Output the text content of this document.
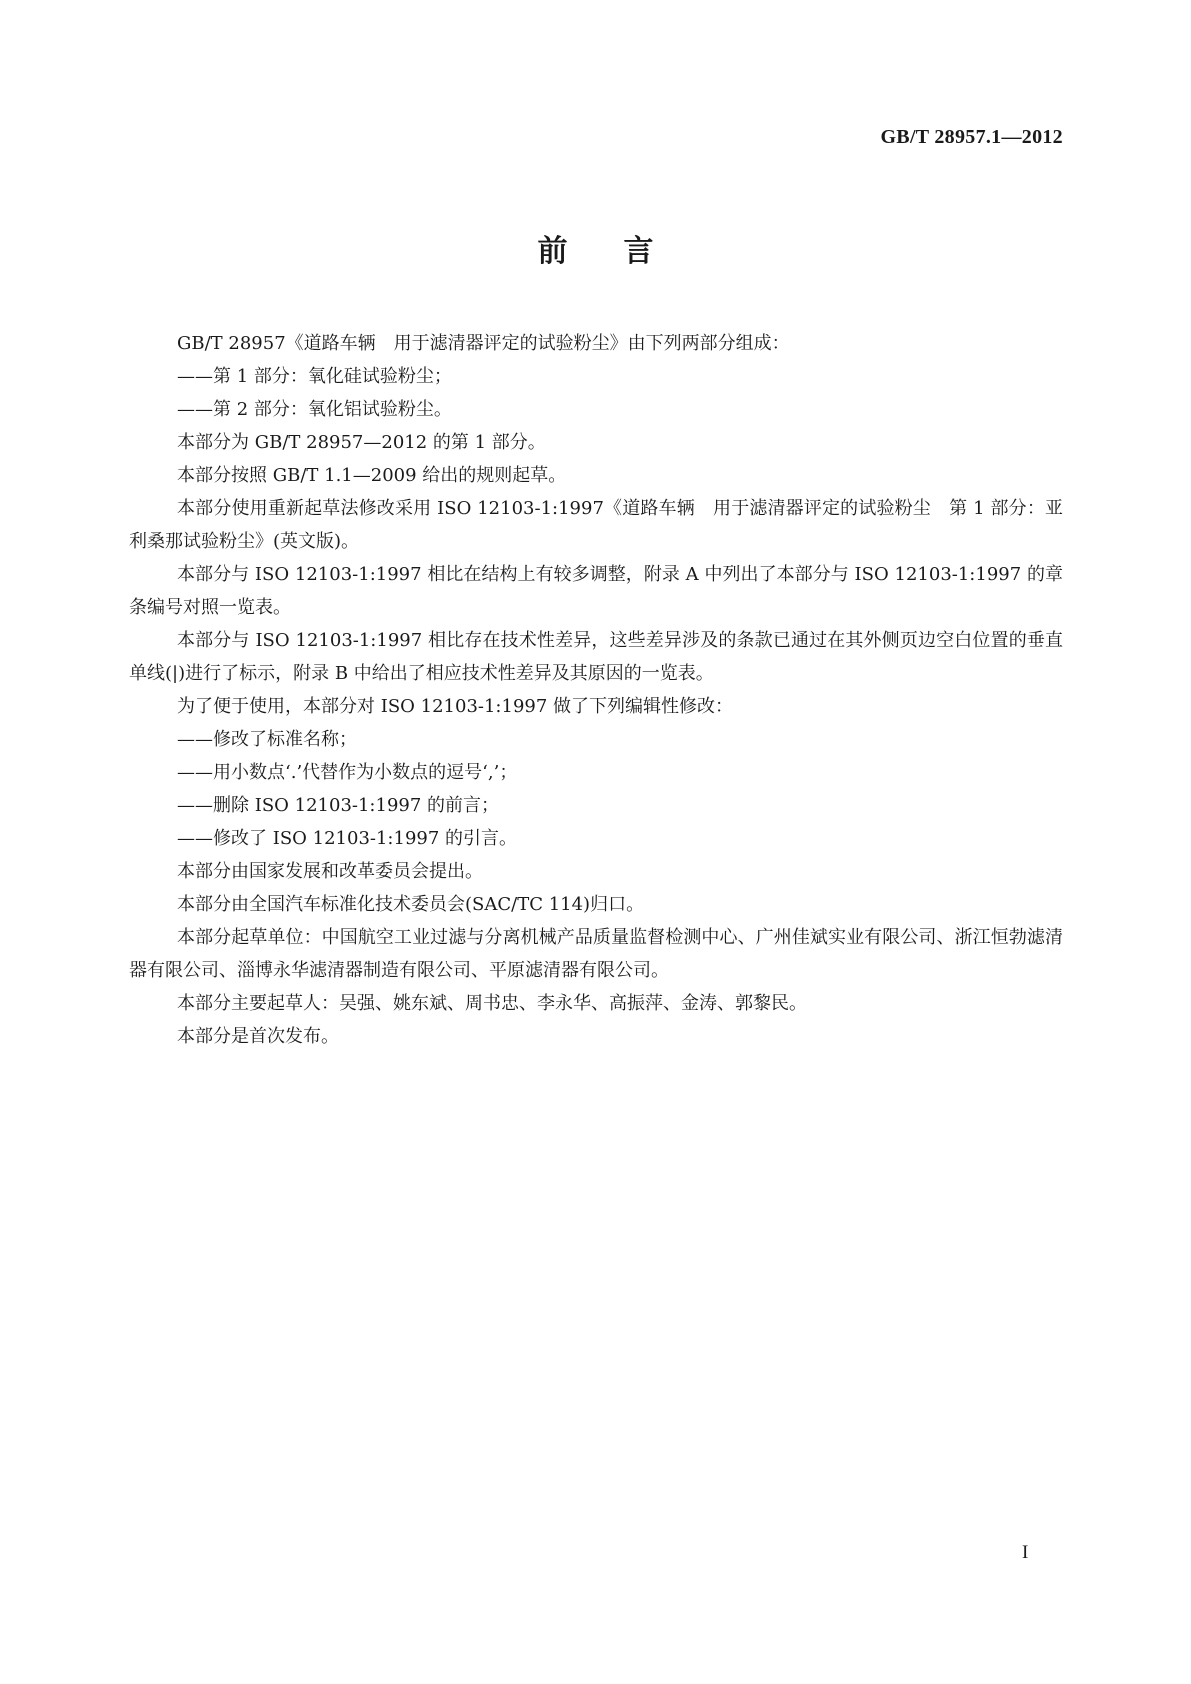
GB/T 28957.1—2012
前言

GB/T 28957《道路车辆　用于滤清器评定的试验粉尘》由下列两部分组成：

——第 1 部分：氧化硅试验粉尘；

——第 2 部分：氧化铝试验粉尘。

本部分为 GB/T 28957—2012 的第 1 部分。

本部分按照 GB/T 1.1—2009 给出的规则起草。

本部分使用重新起草法修改采用 ISO 12103-1:1997《道路车辆　用于滤清器评定的试验粉尘　第 1 部分：亚利桑那试验粉尘》(英文版)。

本部分与 ISO 12103-1:1997 相比在结构上有较多调整，附录 A 中列出了本部分与 ISO 12103-1:1997 的章条编号对照一览表。

本部分与 ISO 12103-1:1997 相比存在技术性差异，这些差异涉及的条款已通过在其外侧页边空白位置的垂直单线(|)进行了标示，附录 B 中给出了相应技术性差异及其原因的一览表。

为了便于使用，本部分对 ISO 12103-1:1997 做了下列编辑性修改：

——修改了标准名称；

——用小数点‘.’代替作为小数点的逗号‘,’；

——删除 ISO 12103-1:1997 的前言；

——修改了 ISO 12103-1:1997 的引言。

本部分由国家发展和改革委员会提出。

本部分由全国汽车标准化技术委员会(SAC/TC 114)归口。

本部分起草单位：中国航空工业过滤与分离机械产品质量监督检测中心、广州佳斌实业有限公司、浙江恒勃滤清器有限公司、淄博永华滤清器制造有限公司、平原滤清器有限公司。

本部分主要起草人：吴强、姚东斌、周书忠、李永华、高振萍、金涛、郭黎民。

本部分是首次发布。

I
